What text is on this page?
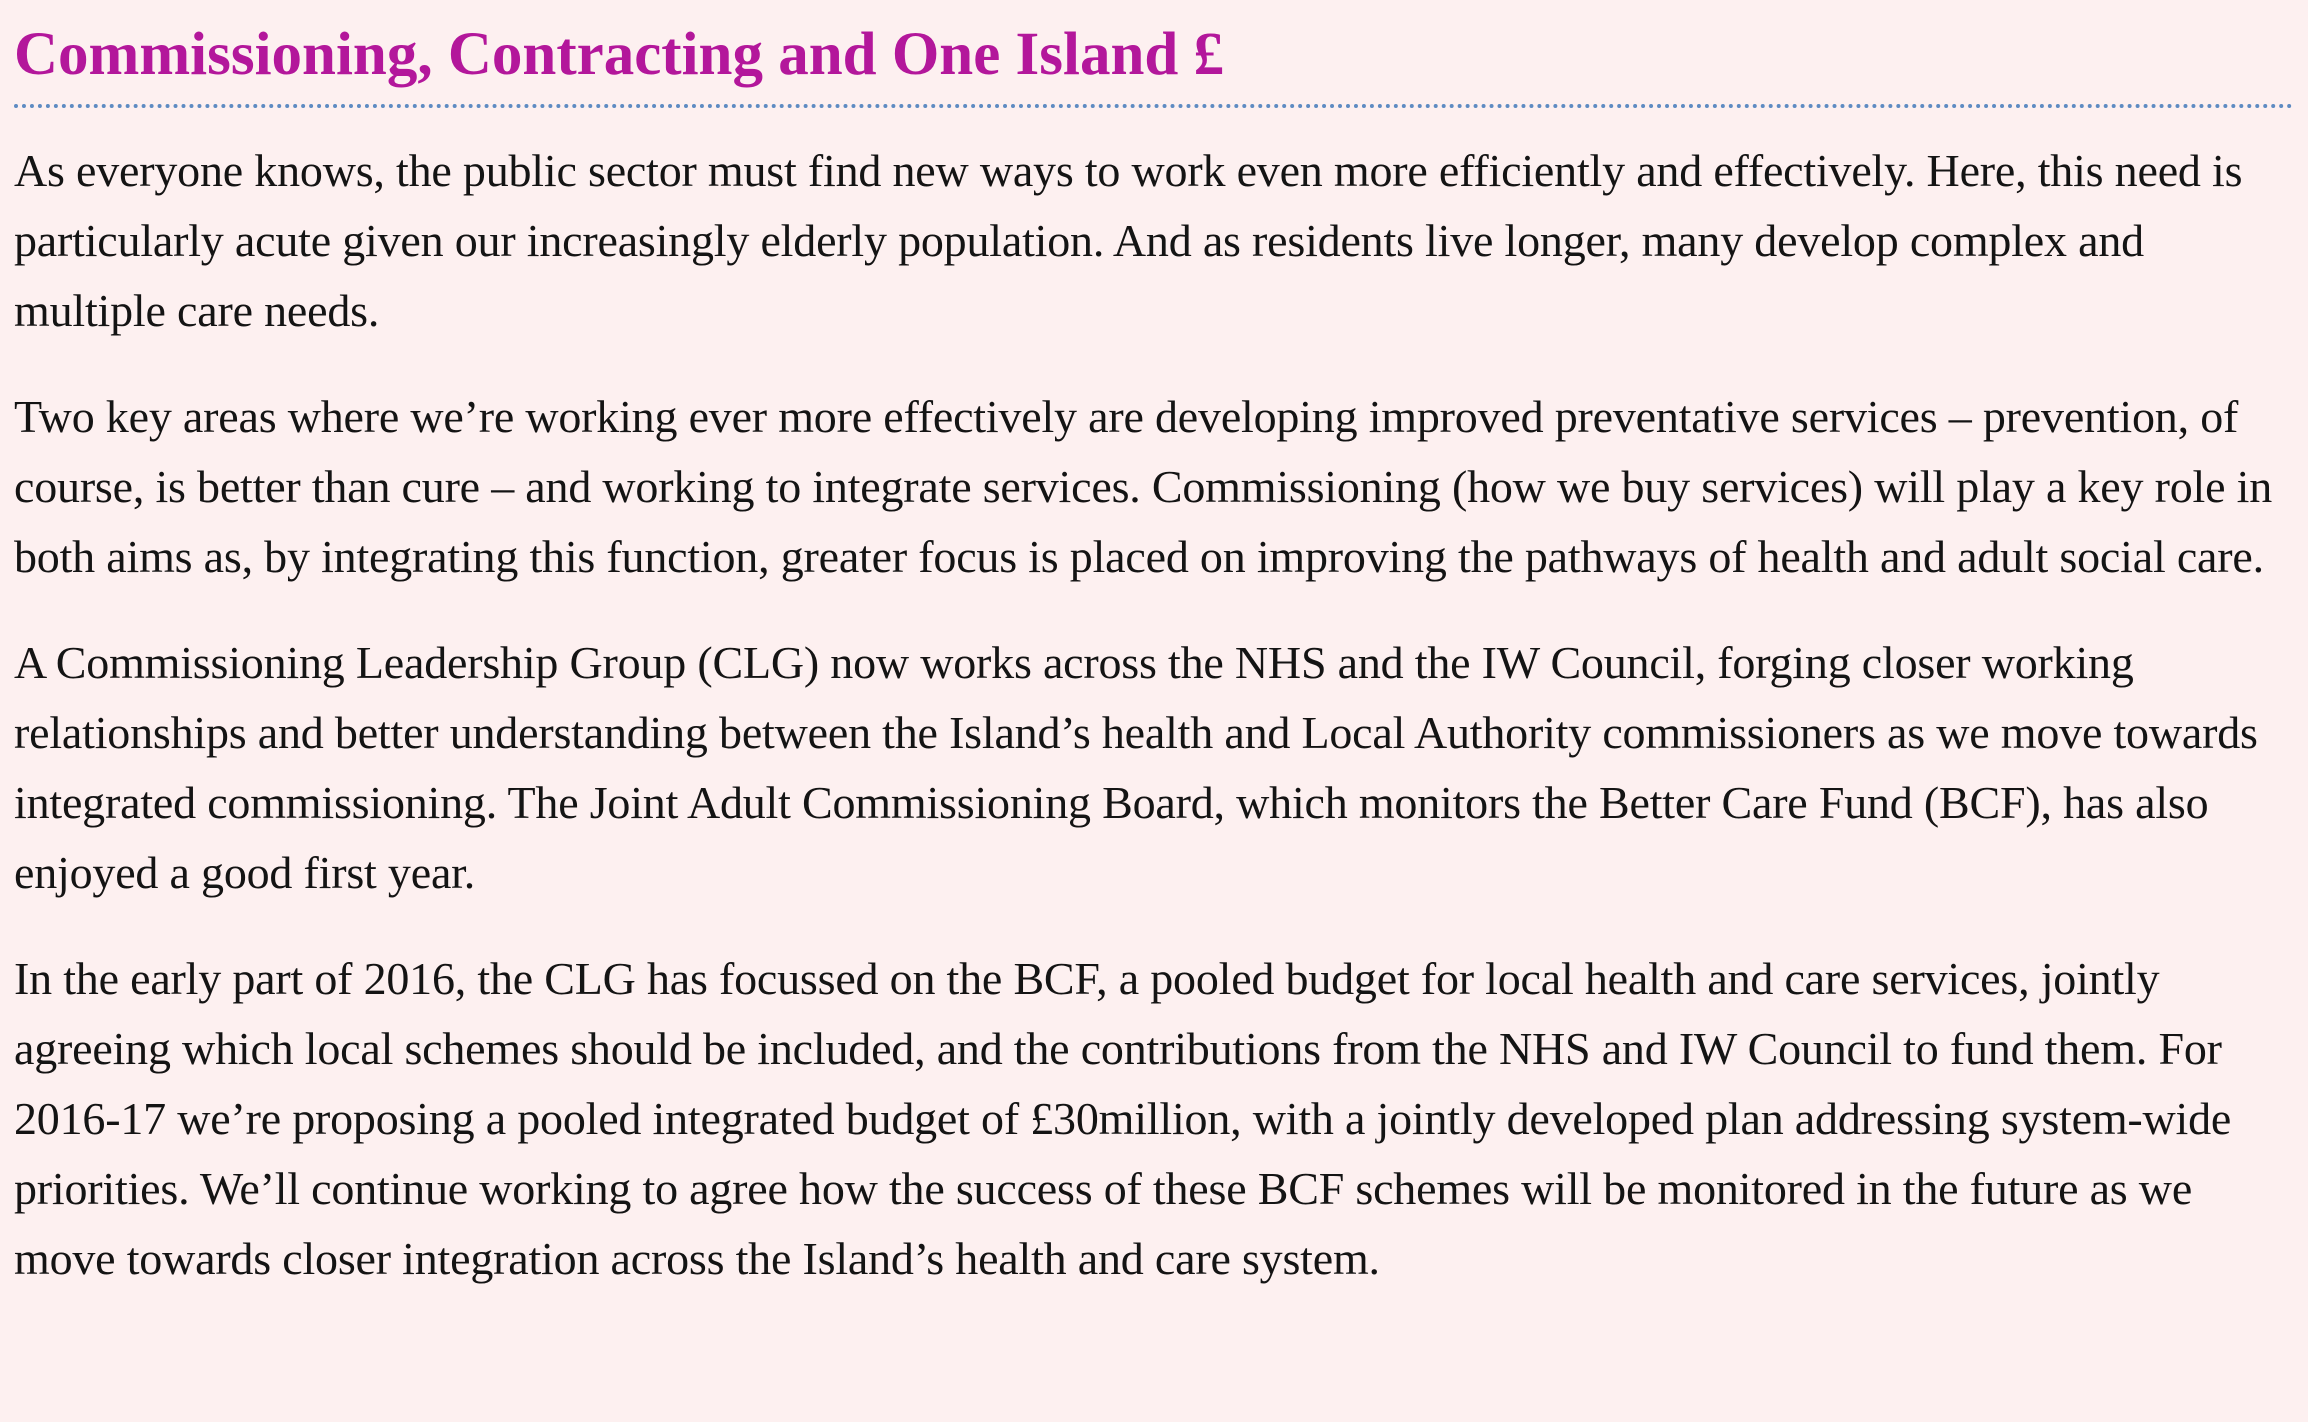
Commissioning, Contracting and One Island £

As everyone knows, the public sector must find new ways to work even more efficiently and effectively. Here, this need is particularly acute given our increasingly elderly population. And as residents live longer, many develop complex and multiple care needs.

Two key areas where we’re working ever more effectively are developing improved preventative services – prevention, of course, is better than cure – and working to integrate services. Commissioning (how we buy services) will play a key role in both aims as, by integrating this function, greater focus is placed on improving the pathways of health and adult social care.

A Commissioning Leadership Group (CLG) now works across the NHS and the IW Council, forging closer working relationships and better understanding between the Island’s health and Local Authority commissioners as we move towards integrated commissioning. The Joint Adult Commissioning Board, which monitors the Better Care Fund (BCF), has also enjoyed a good first year.

In the early part of 2016, the CLG has focussed on the BCF, a pooled budget for local health and care services, jointly agreeing which local schemes should be included, and the contributions from the NHS and IW Council to fund them. For 2016-17 we’re proposing a pooled integrated budget of £30million, with a jointly developed plan addressing system-wide priorities. We’ll continue working to agree how the success of these BCF schemes will be monitored in the future as we move towards closer integration across the Island’s health and care system.
